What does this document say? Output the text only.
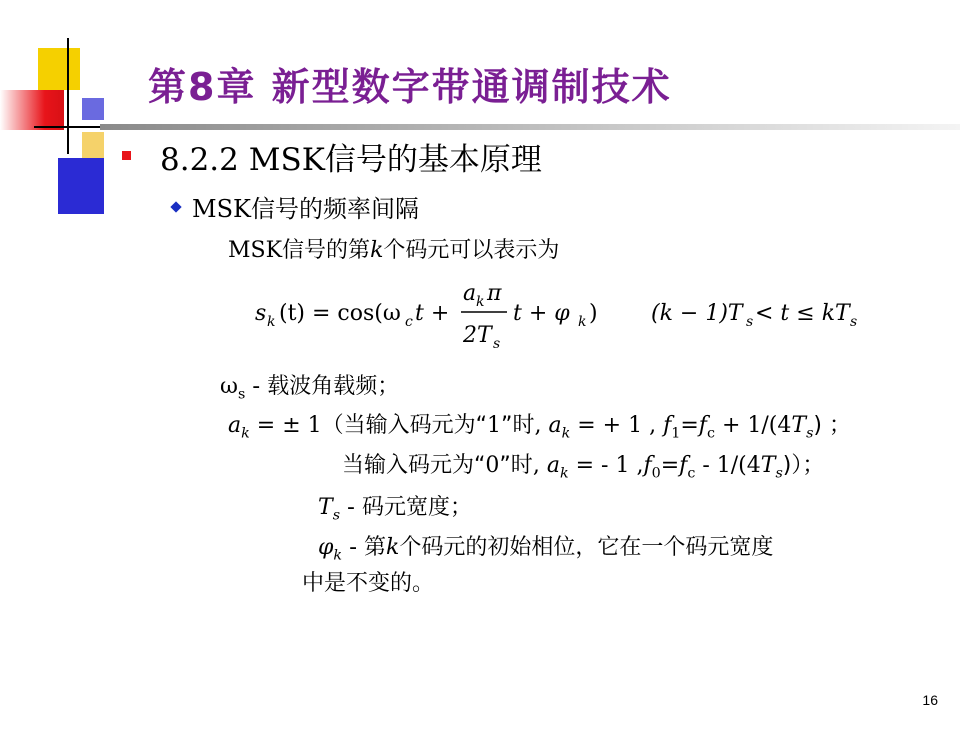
第8章 新型数字带通调制技术
8.2.2 MSK信号的基本原理
MSK信号的频率间隔
MSK信号的第k个码元可以表示为
s k (t) = cos(ω c t +
a k π
2T s
t + φ k ) (k − 1)T s < t ≤ kT s
$\omega_s$ - 载波角载频；
$a_k$ = ± 1（当输入码元为“1”时, $a_k$ = + 1 , $f_1=f_c + 1/(4T_s)$ ；
当输入码元为“0”时, $a_k$ = - 1 $,f_0=f_c - 1/(4T_s)$）；
$T_s$ - 码元宽度；
$\varphi_k$ - 第k个码元的初始相位，它在一个码元宽度
中是不变的。
16
